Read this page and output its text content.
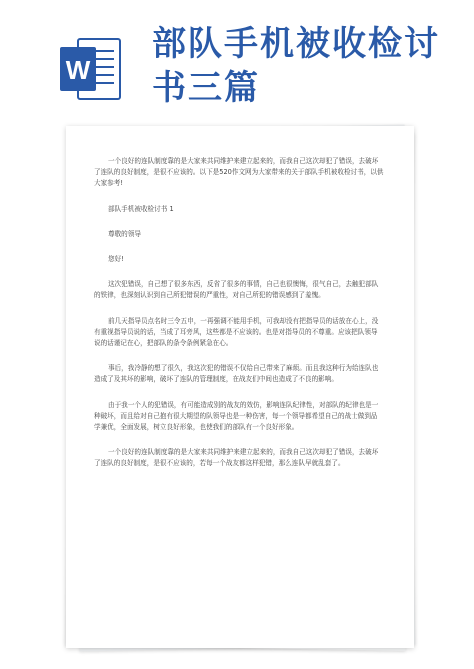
W
部队手机被收检讨
书三篇

一个良好的连队制度靠的是大家来共同维护来建立起来的，而我自己这次却犯了错误，去破坏了连队的良好制度，是很不应该的。以下是520作文网为大家带来的关于部队手机被收检讨书，以供大家参考!

部队手机被收检讨书 1

尊敬的领导

您好!

这次犯错误，自己想了很多东西，反省了很多的事情，自己也很懊悔，很气自己，去触犯部队的铁律，也深刻认识到自己所犯错误的严重性，对自己所犯的错误感到了羞愧。

前几天指导员点名时三令五申，一再强调不能用手机，可我却没有把指导员的话放在心上，没有重视指导员说的话，当成了耳旁风，这些都是不应该的。也是对指导员的不尊重。应该把队领导说的话谨记在心，把部队的条令条例紧急在心。

事后，我冷静的想了很久，我这次犯的错误不仅给自己带来了麻烦。而且我这种行为给连队也造成了及其坏的影响，破坏了连队的管理制度，在战友们中间也造成了不良的影响。

由于我一个人的犯错误，有可能造成别的战友的效仿，影响连队纪律性，对部队的纪律也是一种破坏，而且给对自己抱有很大期望的队领导也是一种伤害，每一个领导都希望自己的战士做到品学兼优，全面发展，树立良好形象，也使我们的部队有一个良好形象。

一个良好的连队制度靠的是大家来共同维护来建立起来的，而我自己这次却犯了错误，去破坏了连队的良好制度，是很不应该的，若每一个战友都这样犯错，那么连队早就乱套了。
